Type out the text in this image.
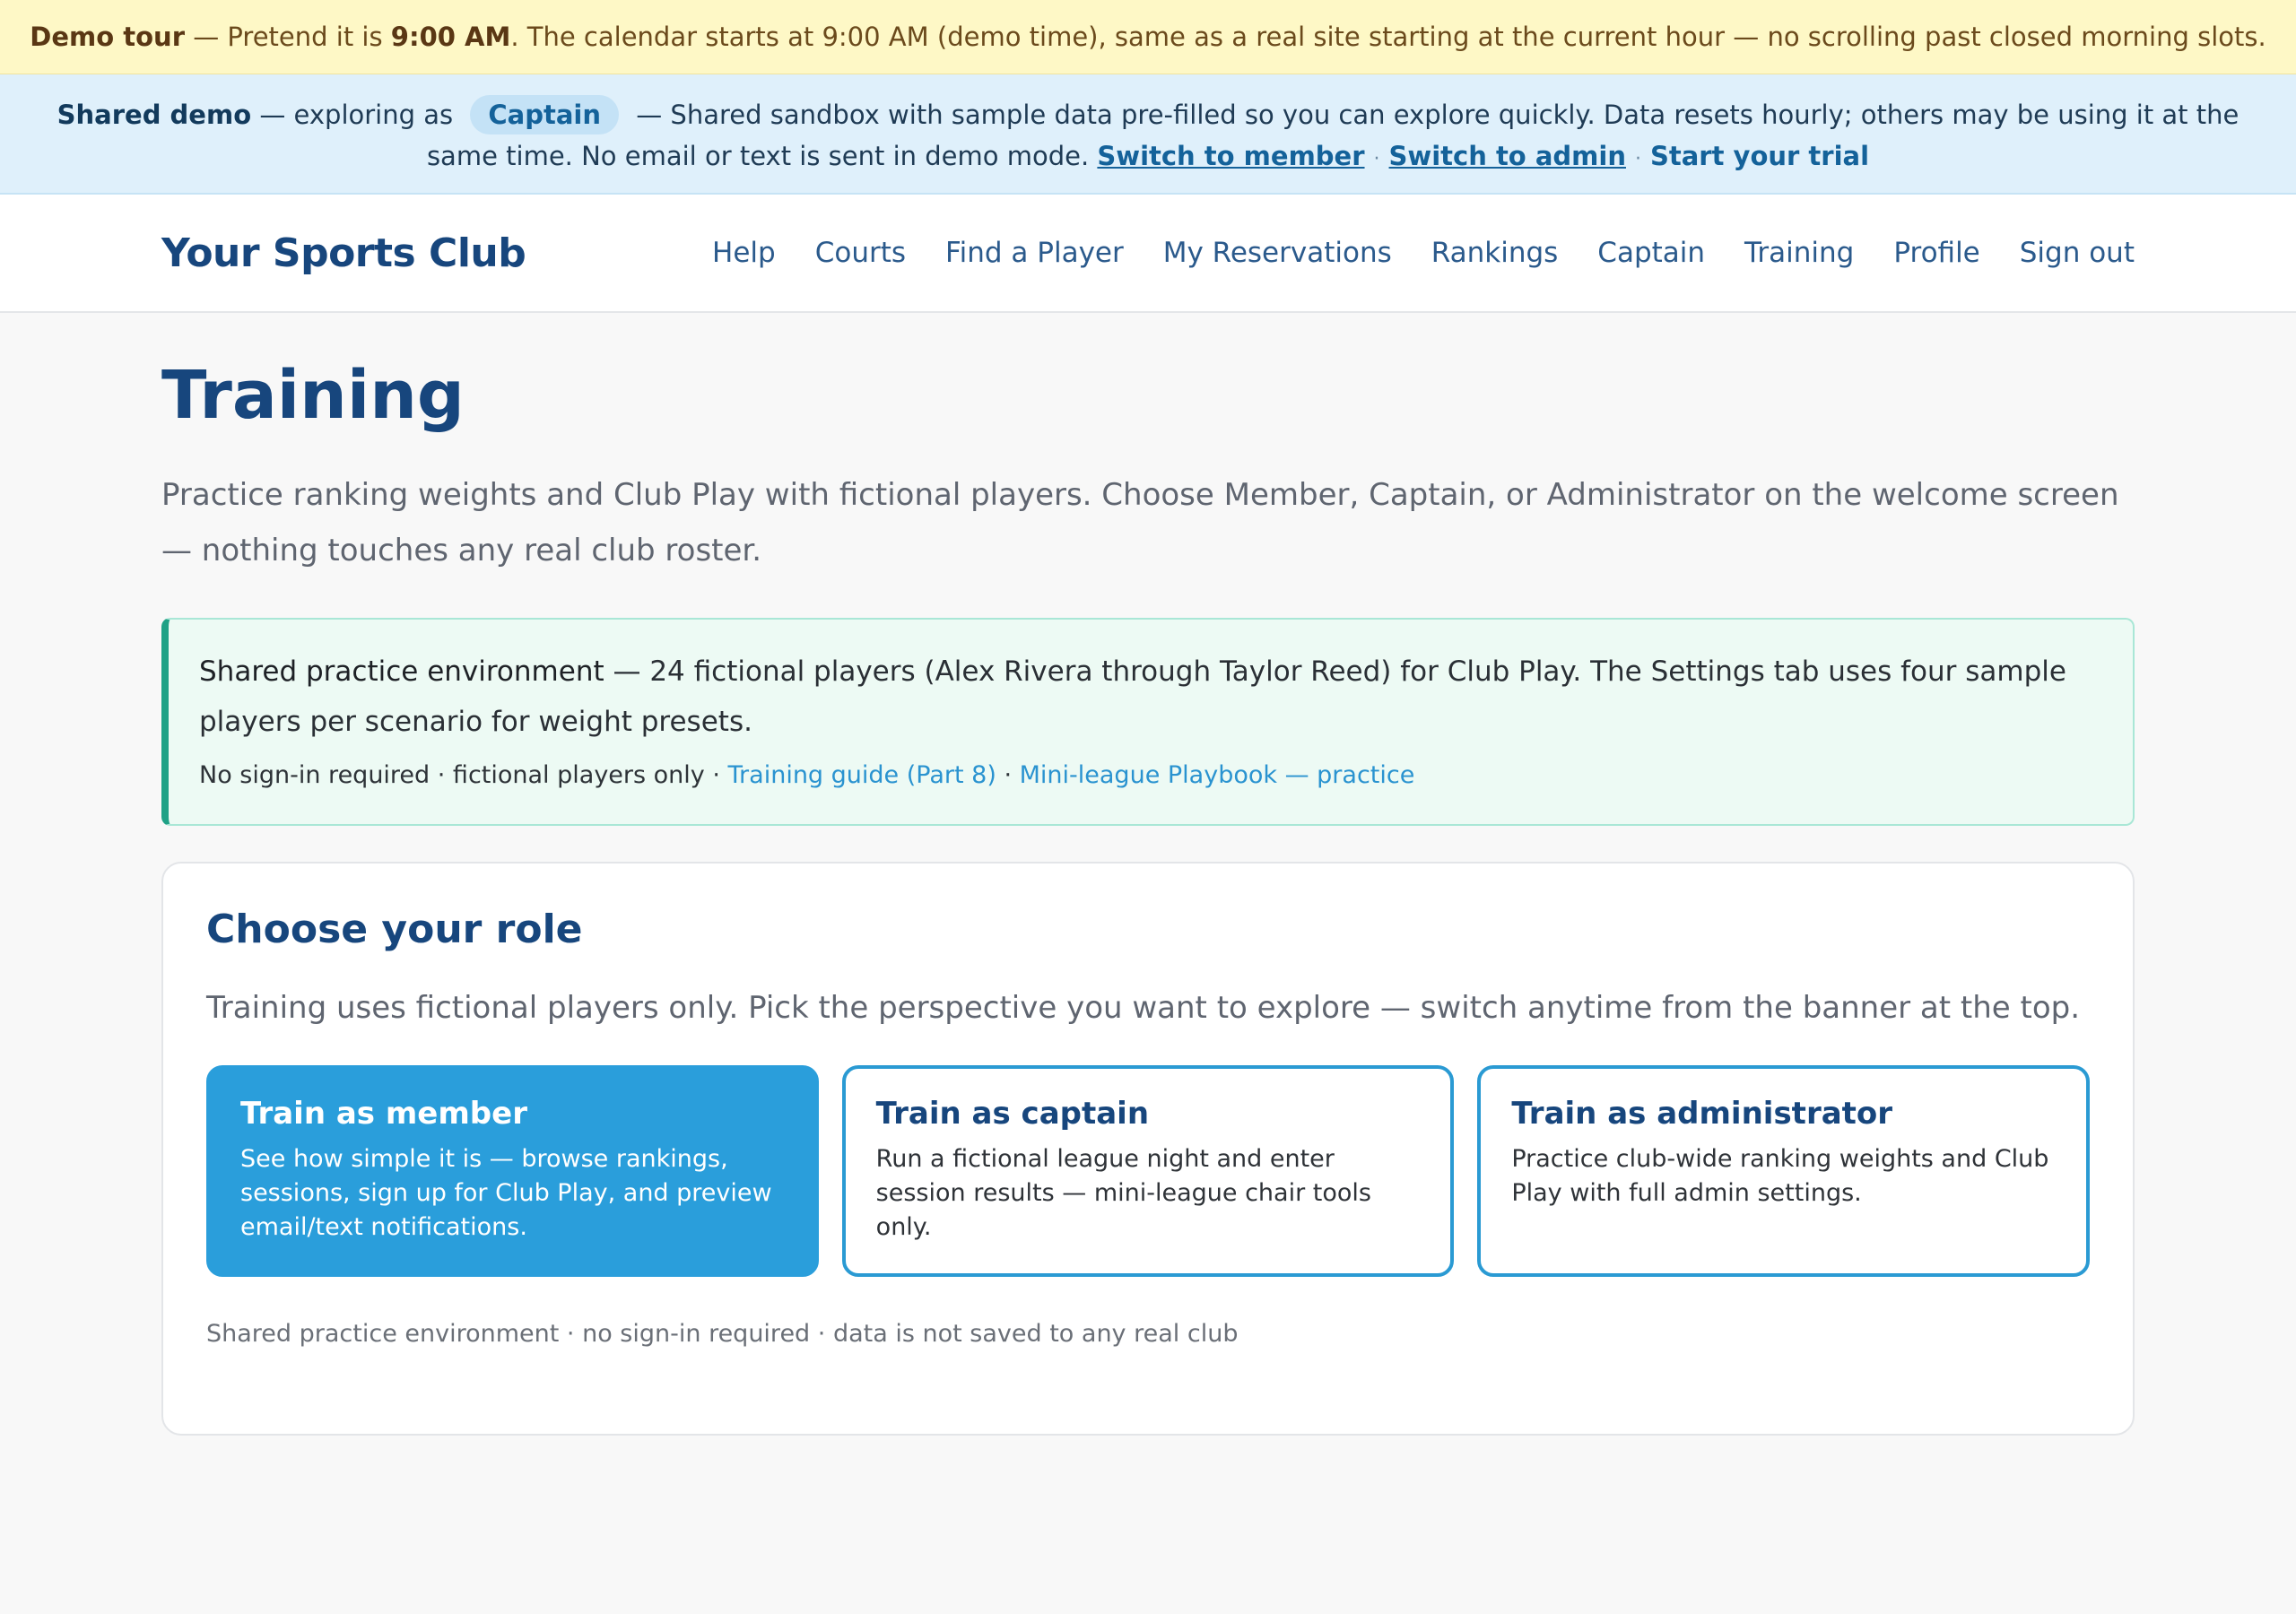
Demo tour — Pretend it is 9:00 AM . The calendar starts at 9:00 AM (demo time), same as a real site starting at the current hour — no scrolling past closed morning slots.
Shared demo — exploring as Captain — Shared sandbox with sample data pre-filled so you can explore quickly. Data resets hourly; others may be using it at the same time. No email or text is sent in demo mode. Switch to member · Switch to admin · Start your trial
Your Sports Club	Help Courts Find a Player My Reservations Rankings Captain Training Profile Sign out
Training

Practice ranking weights and Club Play with fictional players. Choose Member, Captain, or Administrator on the welcome screen — nothing touches any real club roster.

Shared practice environment — 24 fictional players (Alex Rivera through Taylor Reed) for Club Play. The Settings tab uses four sample players per scenario for weight presets.
No sign-in required · fictional players only · Training guide (Part 8) · Mini-league Playbook — practice
Choose your role
Training uses fictional players only. Pick the perspective you want to explore — switch anytime from the banner at the top.
Train as member
See how simple it is — browse rankings, sessions, sign up for Club Play, and preview email/text notifications.
Train as captain
Run a fictional league night and enter session results — mini-league chair tools only.
Train as administrator
Practice club-wide ranking weights and Club Play with full admin settings.
Shared practice environment · no sign-in required · data is not saved to any real club
